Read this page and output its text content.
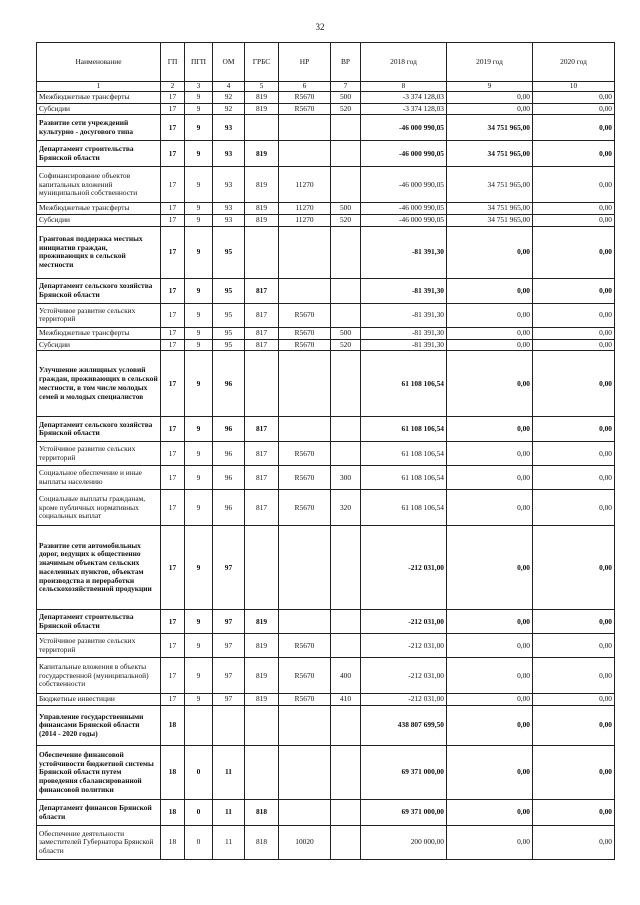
32
Наименование	ГП	ПГП	ОМ	ГРБС	НР	ВР	2018 год	2019 год	2020 год
1	2	3	4	5	6	7	8	9	10
Межбюджетные трансферты	17	9	92	819	R5670	500	-3 374 128,03	0,00	0,00
Субсидии	17	9	92	819	R5670	520	-3 374 128,03	0,00	0,00
Развитие сети учреждений культурно - досугового типа	17	9	93				-46 000 990,05	34 751 965,00	0,00
Департамент строительства Брянской области	17	9	93	819			-46 000 990,05	34 751 965,00	0,00
Софинансирование объектов капитальных вложений муниципальной собственности	17	9	93	819	11270		-46 000 990,05	34 751 965,00	0,00
Межбюджетные трансферты	17	9	93	819	11270	500	-46 000 990,05	34 751 965,00	0,00
Субсидии	17	9	93	819	11270	520	-46 000 990,05	34 751 965,00	0,00
Грантовая поддержка местных инициатив граждан, проживающих в сельской местности	17	9	95				-81 391,30	0,00	0,00
Департамент сельского хозяйства Брянской области	17	9	95	817			-81 391,30	0,00	0,00
Устойчивое развитие сельских территорий	17	9	95	817	R5670		-81 391,30	0,00	0,00
Межбюджетные трансферты	17	9	95	817	R5670	500	-81 391,30	0,00	0,00
Субсидии	17	9	95	817	R5670	520	-81 391,30	0,00	0,00
Улучшение жилищных условий граждан, проживающих в сельской местности, в том числе молодых семей и молодых специалистов	17	9	96				61 108 106,54	0,00	0,00
Департамент сельского хозяйства Брянской области	17	9	96	817			61 108 106,54	0,00	0,00
Устойчивое развитие сельских территорий	17	9	96	817	R5670		61 108 106,54	0,00	0,00
Социальное обеспечение и иные выплаты населению	17	9	96	817	R5670	300	61 108 106,54	0,00	0,00
Социальные выплаты гражданам, кроме публичных нормативных социальных выплат	17	9	96	817	R5670	320	61 108 106,54	0,00	0,00
Развитие сети автомобильных дорог, ведущих к общественно значимым объектам сельских населенных пунктов, объектам производства и переработки сельскохозяйственной продукции	17	9	97				-212 031,00	0,00	0,00
Департамент строительства Брянской области	17	9	97	819			-212 031,00	0,00	0,00
Устойчивое развитие сельских территорий	17	9	97	819	R5670		-212 031,00	0,00	0,00
Капитальные вложения в объекты государственной (муниципальной) собственности	17	9	97	819	R5670	400	-212 031,00	0,00	0,00
Бюджетные инвестиции	17	9	97	819	R5670	410	-212 031,00	0,00	0,00
Управление государственными финансами Брянской области (2014 - 2020 годы)	18						438 807 699,50	0,00	0,00
Обеспечение финансовой устойчивости бюджетной системы Брянской области путем проведения сбалансированной финансовой политики	18	0	11				69 371 000,00	0,00	0,00
Департамент финансов Брянской области	18	0	11	818			69 371 000,00	0,00	0,00
Обеспечение деятельности заместителей Губернатора Брянской области	18	0	11	818	10020		200 000,00	0,00	0,00
